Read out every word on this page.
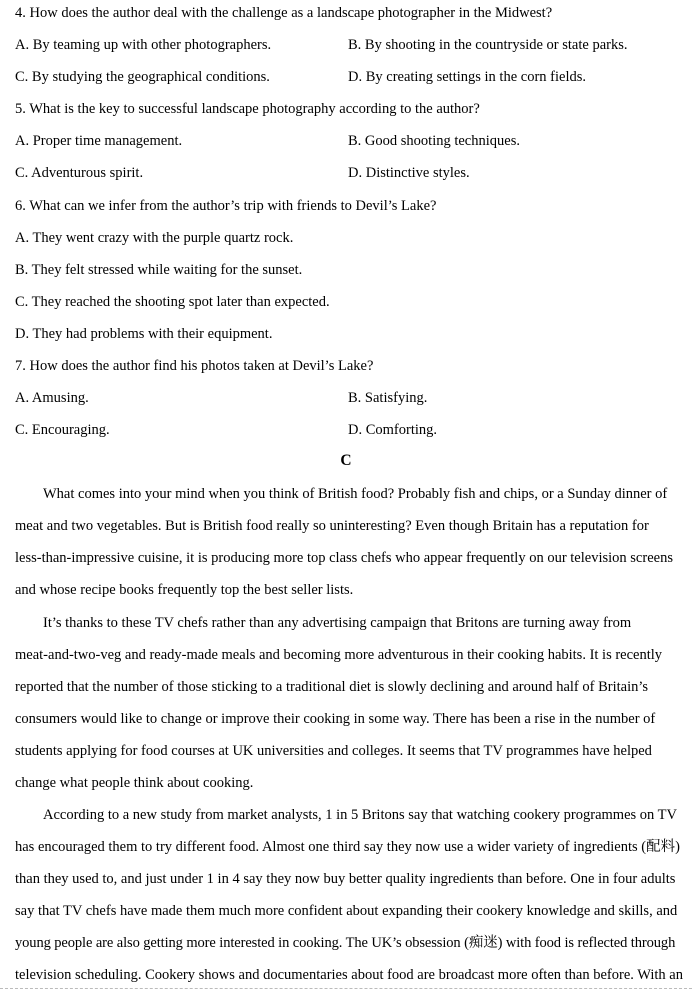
4. How does the author deal with the challenge as a landscape photographer in the Midwest?
A. By teaming up with other photographers.	B. By shooting in the countryside or state parks.
C. By studying the geographical conditions.	D. By creating settings in the corn fields.
5. What is the key to successful landscape photography according to the author?
A. Proper time management.	B. Good shooting techniques.
C. Adventurous spirit.	D. Distinctive styles.
6. What can we infer from the author’s trip with friends to Devil’s Lake?
A. They went crazy with the purple quartz rock.
B. They felt stressed while waiting for the sunset.
C. They reached the shooting spot later than expected.
D. They had problems with their equipment.
7. How does the author find his photos taken at Devil’s Lake?
A. Amusing.	B. Satisfying.
C. Encouraging.	D. Comforting.
C
What comes into your mind when you think of British food? Probably fish and chips, or a Sunday dinner of
meat and two vegetables. But is British food really so uninteresting? Even though Britain has a reputation for
less-than-impressive cuisine, it is producing more top class chefs who appear frequently on our television screens
and whose recipe books frequently top the best seller lists.
It’s thanks to these TV chefs rather than any advertising campaign that Britons are turning away from
meat-and-two-veg and ready-made meals and becoming more adventurous in their cooking habits. It is recently
reported that the number of those sticking to a traditional diet is slowly declining and around half of Britain’s
consumers would like to change or improve their cooking in some way. There has been a rise in the number of
students applying for food courses at UK universities and colleges. It seems that TV programmes have helped
change what people think about cooking.
According to a new study from market analysts, 1 in 5 Britons say that watching cookery programmes on TV
has encouraged them to try different food. Almost one third say they now use a wider variety of ingredients (配料)
than they used to, and just under 1 in 4 say they now buy better quality ingredients than before. One in four adults
say that TV chefs have made them much more confident about expanding their cookery knowledge and skills, and
young people are also getting more interested in cooking. The UK’s obsession (痴迷) with food is reflected through
television scheduling. Cookery shows and documentaries about food are broadcast more often than before. With an
